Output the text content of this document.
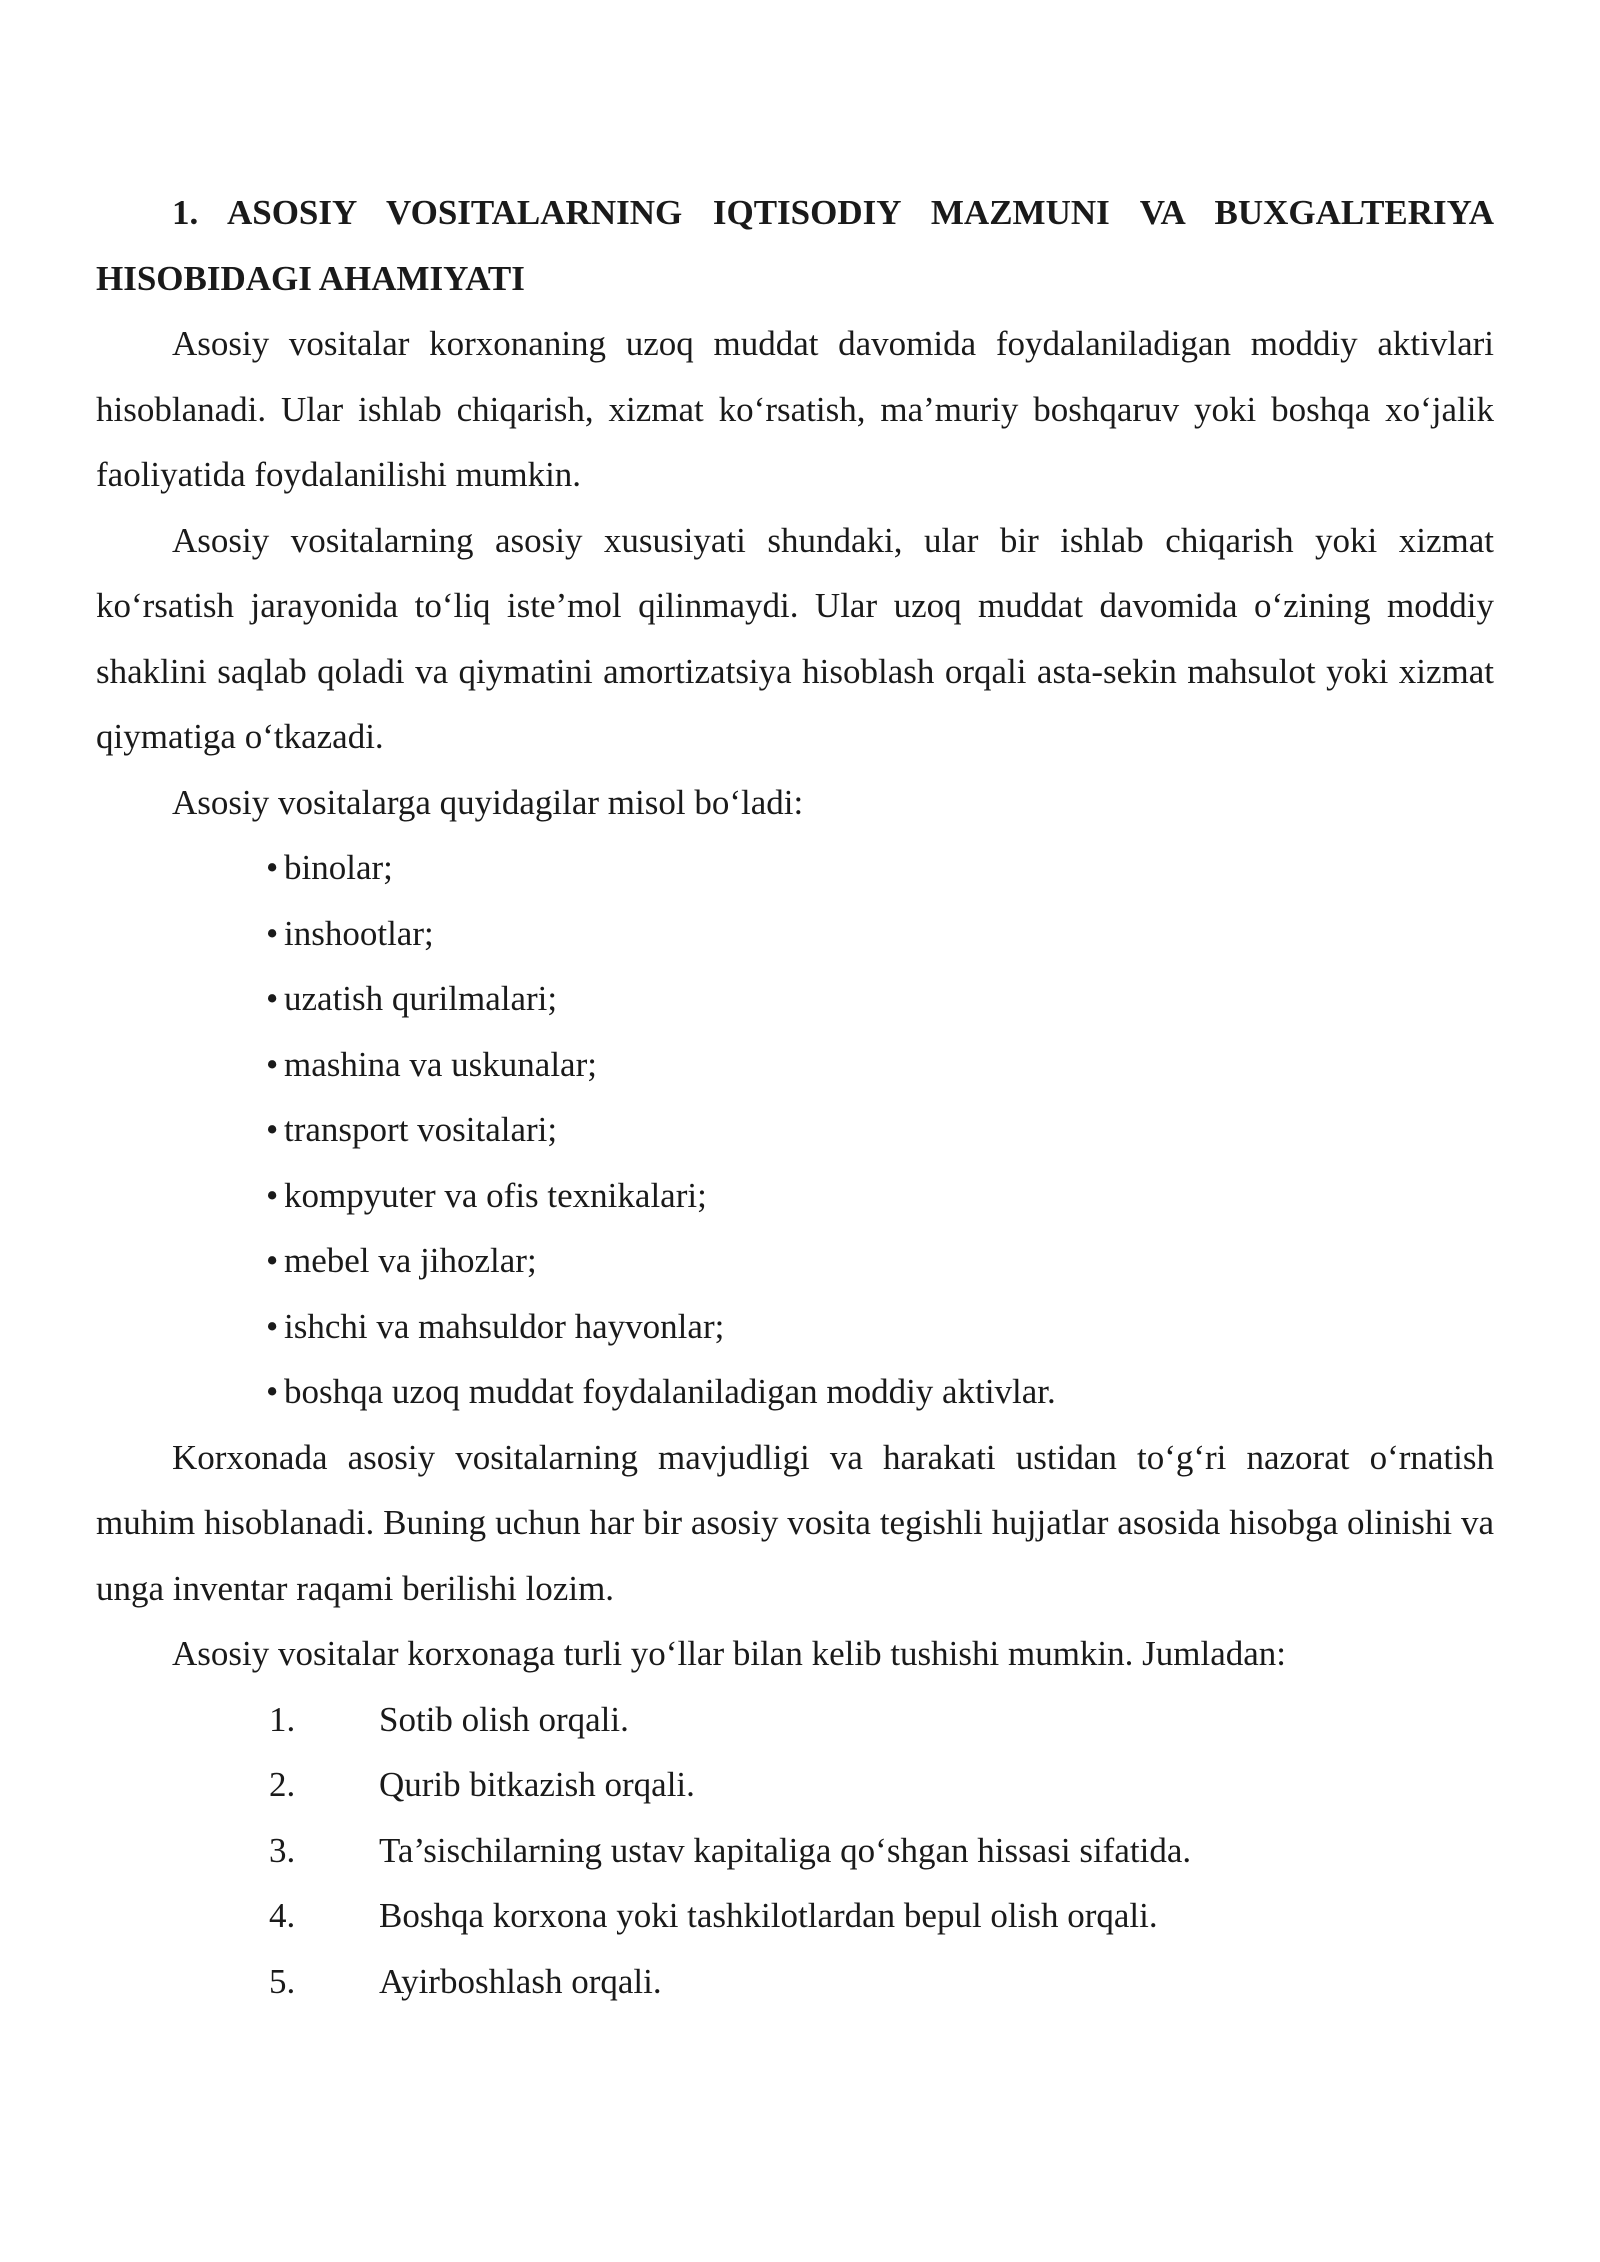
1. ASOSIY VOSITALARNING IQTISODIY MAZMUNI VA BUXGALTERIYA HISOBIDAGI AHAMIYATI

Asosiy vositalar korxonaning uzoq muddat davomida foydalaniladigan moddiy aktivlari hisoblanadi. Ular ishlab chiqarish, xizmat ko‘rsatish, ma’muriy boshqaruv yoki boshqa xo‘jalik faoliyatida foydalanilishi mumkin.

Asosiy vositalarning asosiy xususiyati shundaki, ular bir ishlab chiqarish yoki xizmat ko‘rsatish jarayonida to‘liq iste’mol qilinmaydi. Ular uzoq muddat davomida o‘zining moddiy shaklini saqlab qoladi va qiymatini amortizatsiya hisoblash orqali asta-sekin mahsulot yoki xizmat qiymatiga o‘tkazadi.

Asosiy vositalarga quyidagilar misol bo‘ladi:

• binolar;
• inshootlar;
• uzatish qurilmalari;
• mashina va uskunalar;
• transport vositalari;
• kompyuter va ofis texnikalari;
• mebel va jihozlar;
• ishchi va mahsuldor hayvonlar;
• boshqa uzoq muddat foydalaniladigan moddiy aktivlar.

Korxonada asosiy vositalarning mavjudligi va harakati ustidan to‘g‘ri nazorat o‘rnatish muhim hisoblanadi. Buning uchun har bir asosiy vosita tegishli hujjatlar asosida hisobga olinishi va unga inventar raqami berilishi lozim.

Asosiy vositalar korxonaga turli yo‘llar bilan kelib tushishi mumkin. Jumladan:

1.	Sotib olish orqali.
2.	Qurib bitkazish orqali.
3.	Ta’sischilarning ustav kapitaliga qo‘shgan hissasi sifatida.
4.	Boshqa korxona yoki tashkilotlardan bepul olish orqali.
5.	Ayirboshlash orqali.
